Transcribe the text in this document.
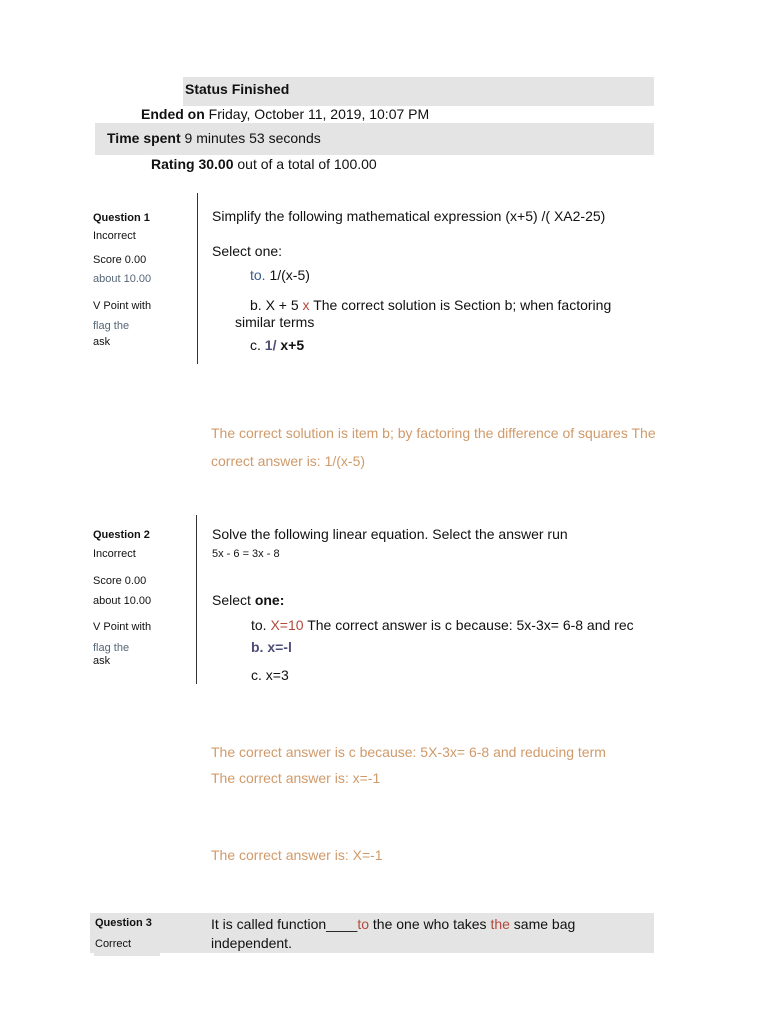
Status Finished
Ended on Friday, October 11, 2019, 10:07 PM
Time spent 9 minutes 53 seconds
Rating 30.00 out of a total of 100.00
Question 1
Incorrect
Score 0.00
about 10.00
V Point with
flag the
ask
Simplify the following mathematical expression (x+5) /( XA2-25)
Select one:
to. 1/(x-5)
b. X + 5 x The correct solution is Section b; when factoring
similar terms
c. 1/ x+5
The correct solution is item b; by factoring the difference of squares The
correct answer is: 1/(x-5)
Question 2
Incorrect
Score 0.00
about 10.00
V Point with
flag the
ask
Solve the following linear equation. Select the answer run
5x - 6 = 3x - 8
Select one:
to. X=10 The correct answer is c because: 5x-3x= 6-8 and rec
b. x=-l
c. x=3
The correct answer is c because: 5X-3x= 6-8 and reducing term
The correct answer is: x=-1
The correct answer is: X=-1
Question 3
Correct
It is called function____to the one who takes the same bag
independent.
